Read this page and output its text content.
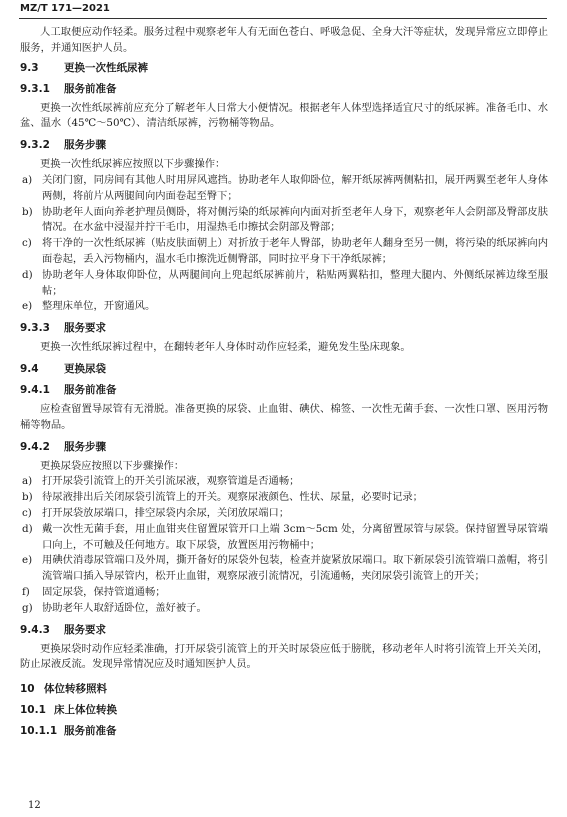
MZ/T 171—2021

人工取便应动作轻柔。服务过程中观察老年人有无面色苍白、呼吸急促、全身大汗等症状，发现异常应立即停止服务，并通知医护人员。

9.3 更换一次性纸尿裤
9.3.1 服务前准备

更换一次性纸尿裤前应充分了解老年人日常大小便情况。根据老年人体型选择适宜尺寸的纸尿裤。准备毛巾、水盆、温水（45℃～50℃）、清洁纸尿裤，污物桶等物品。

9.3.2 服务步骤

更换一次性纸尿裤应按照以下步骤操作：

a) 关闭门窗，同房间有其他人时用屏风遮挡。协助老年人取仰卧位，解开纸尿裤两侧粘扣，展开两翼至老年人身体两侧，将前片从两腿间向内面卷起至臀下；
b) 协助老年人面向养老护理员侧卧，将对侧污染的纸尿裤向内面对折至老年人身下，观察老年人会阴部及臀部皮肤情况。在水盆中浸湿并拧干毛巾，用湿热毛巾擦拭会阴部及臀部；
c) 将干净的一次性纸尿裤（贴皮肤面朝上）对折放于老年人臀部，协助老年人翻身至另一侧，将污染的纸尿裤向内面卷起，丢入污物桶内，温水毛巾擦洗近侧臀部，同时拉平身下干净纸尿裤；
d) 协助老年人身体取仰卧位，从两腿间向上兜起纸尿裤前片，粘贴两翼粘扣，整理大腿内、外侧纸尿裤边缘至服帖；
e) 整理床单位，开窗通风。
9.3.3 服务要求

更换一次性纸尿裤过程中，在翻转老年人身体时动作应轻柔，避免发生坠床现象。

9.4 更换尿袋
9.4.1 服务前准备

应检查留置导尿管有无滑脱。准备更换的尿袋、止血钳、碘伏、棉签、一次性无菌手套、一次性口罩、医用污物桶等物品。

9.4.2 服务步骤

更换尿袋应按照以下步骤操作：

a) 打开尿袋引流管上的开关引流尿液，观察管道是否通畅；
b) 待尿液排出后关闭尿袋引流管上的开关。观察尿液颜色、性状、尿量，必要时记录；
c) 打开尿袋放尿端口，排空尿袋内余尿，关闭放尿端口；
d) 戴一次性无菌手套，用止血钳夹住留置尿管开口上端 3cm～5cm 处，分离留置尿管与尿袋。保持留置导尿管端口向上，不可触及任何地方。取下尿袋，放置医用污物桶中；
e) 用碘伏消毒尿管端口及外周，撕开备好的尿袋外包装，检查并旋紧放尿端口。取下新尿袋引流管端口盖帽，将引流管端口插入导尿管内，松开止血钳，观察尿液引流情况，引流通畅，夹闭尿袋引流管上的开关；
f)	固定尿袋，保持管道通畅；
g) 协助老年人取舒适卧位，盖好被子。
9.4.3 服务要求

更换尿袋时动作应轻柔准确，打开尿袋引流管上的开关时尿袋应低于膀胱，移动老年人时将引流管上开关关闭，防止尿液反流。发现异常情况应及时通知医护人员。

10 体位转移照料
10.1 床上体位转换
10.1.1 服务前准备
12
